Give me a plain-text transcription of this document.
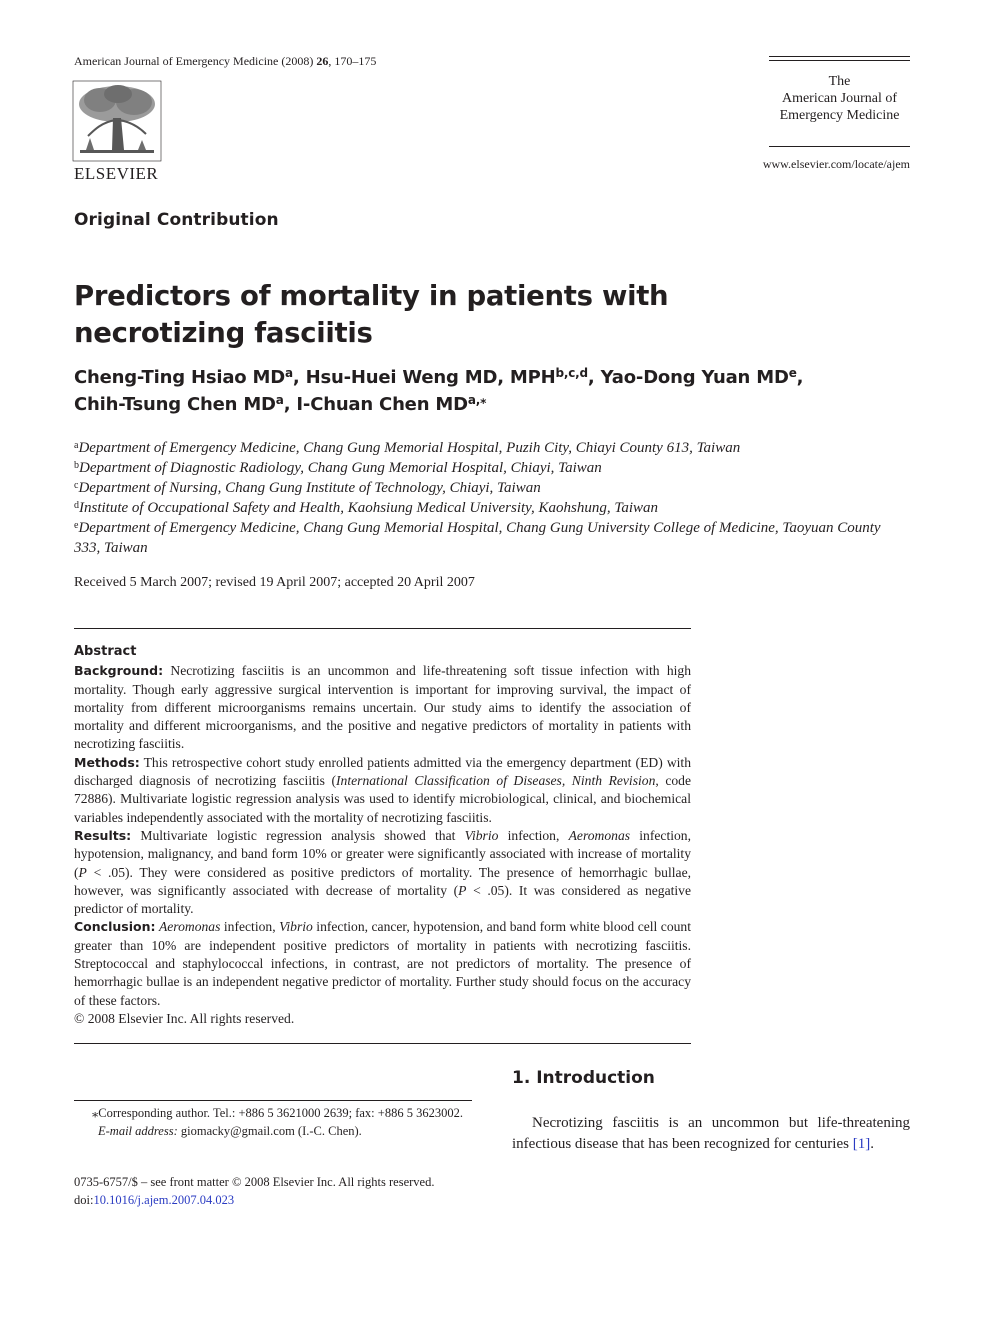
American Journal of Emergency Medicine (2008) 26, 170–175
ELSEVIER
The
American Journal of
Emergency Medicine
www.elsevier.com/locate/ajem
Original Contribution
Predictors of mortality in patients with
necrotizing fasciitis
Cheng-Ting Hsiao $MD^a$, Hsu-Huei Weng MD, MPH$^{b,c,d}$, Yao-Dong Yuan MDe,
Chih-Tsung Chen $MD^a$, I-Chuan Chen $MD^{a,⁎}$
$^a$Department of Emergency Medicine, Chang Gung Memorial Hospital, Puzih City, Chiayi County 613, Taiwan
$^b$Department of Diagnostic Radiology, Chang Gung Memorial Hospital, Chiayi, Taiwan
$^c$Department of Nursing, Chang Gung Institute of Technology, Chiayi, Taiwan
$^d$Institute of Occupational Safety and Health, Kaohsiung Medical University, Kaohshung, Taiwan
$^e$Department of Emergency Medicine, Chang Gung Memorial Hospital, Chang Gung University College of Medicine, Taoyuan County 333, Taiwan
Received 5 March 2007; revised 19 April 2007; accepted 20 April 2007
Abstract

Background: Necrotizing fasciitis is an uncommon and life-threatening soft tissue infection with high mortality. Though early aggressive surgical intervention is important for improving survival, the impact of mortality from different microorganisms remains uncertain. Our study aims to identify the association of mortality and different microorganisms, and the positive and negative predictors of mortality in patients with necrotizing fasciitis.

Methods: This retrospective cohort study enrolled patients admitted via the emergency department (ED) with discharged diagnosis of necrotizing fasciitis (International Classification of Diseases, Ninth Revision, code 72886). Multivariate logistic regression analysis was used to identify microbiological, clinical, and biochemical variables independently associated with the mortality of necrotizing fasciitis.

Results: Multivariate logistic regression analysis showed that Vibrio infection, Aeromonas infection, hypotension, malignancy, and band form 10% or greater were significantly associated with increase of mortality (P < .05). They were considered as positive predictors of mortality. The presence of hemorrhagic bullae, however, was significantly associated with decrease of mortality (P < .05). It was considered as negative predictor of mortality.

Conclusion: Aeromonas infection, Vibrio infection, cancer, hypotension, and band form white blood cell count greater than 10% are independent positive predictors of mortality in patients with necrotizing fasciitis. Streptococcal and staphylococcal infections, in contrast, are not predictors of mortality. The presence of hemorrhagic bullae is an independent negative predictor of mortality. Further study should focus on the accuracy of these factors.

© 2008 Elsevier Inc. All rights reserved.

⁎Corresponding author. Tel.: +886 5 3621000 2639; fax: +886 5 3623002.
E-mail address: giomacky@gmail.com (I.-C. Chen).
0735-6757/$ – see front matter © 2008 Elsevier Inc. All rights reserved.
doi:10.1016/j.ajem.2007.04.023
1. Introduction
Necrotizing fasciitis is an uncommon but life-threatening infectious disease that has been recognized for centuries [1].
